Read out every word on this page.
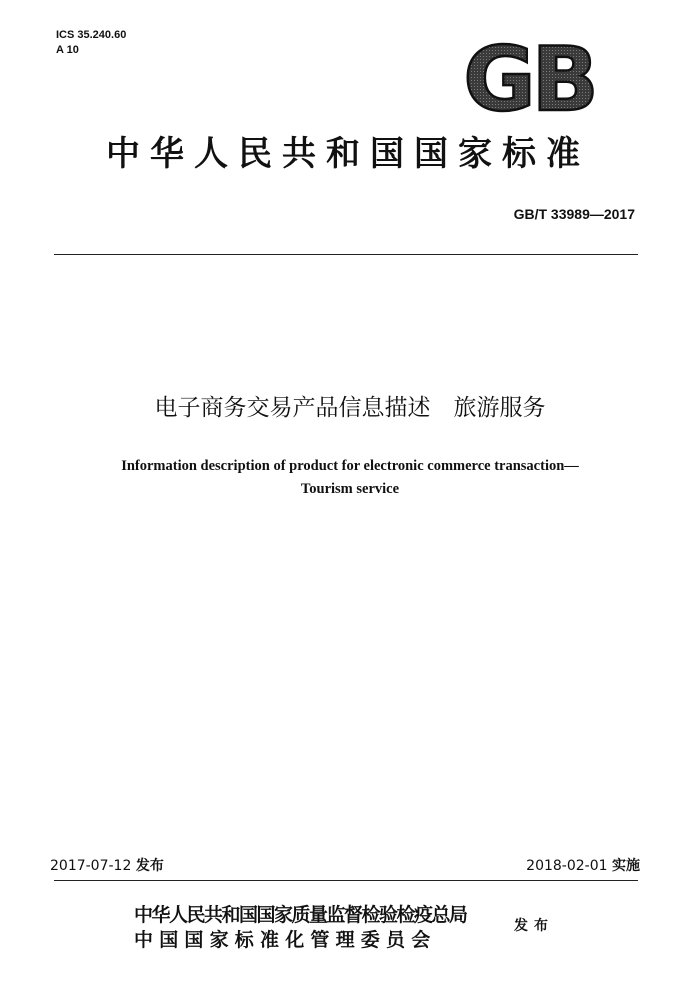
ICS 35.240.60
A 10	GB
中华人民共和国国家标准
GB/T 33989—2017
电子商务交易产品信息描述　旅游服务
Information description of product for electronic commerce transaction—
Tourism service
2017-07-12 发布	2018-02-01 实施
中华人民共和国国家质量监督检验检疫总局
中国国家标准化管理委员会
发布
